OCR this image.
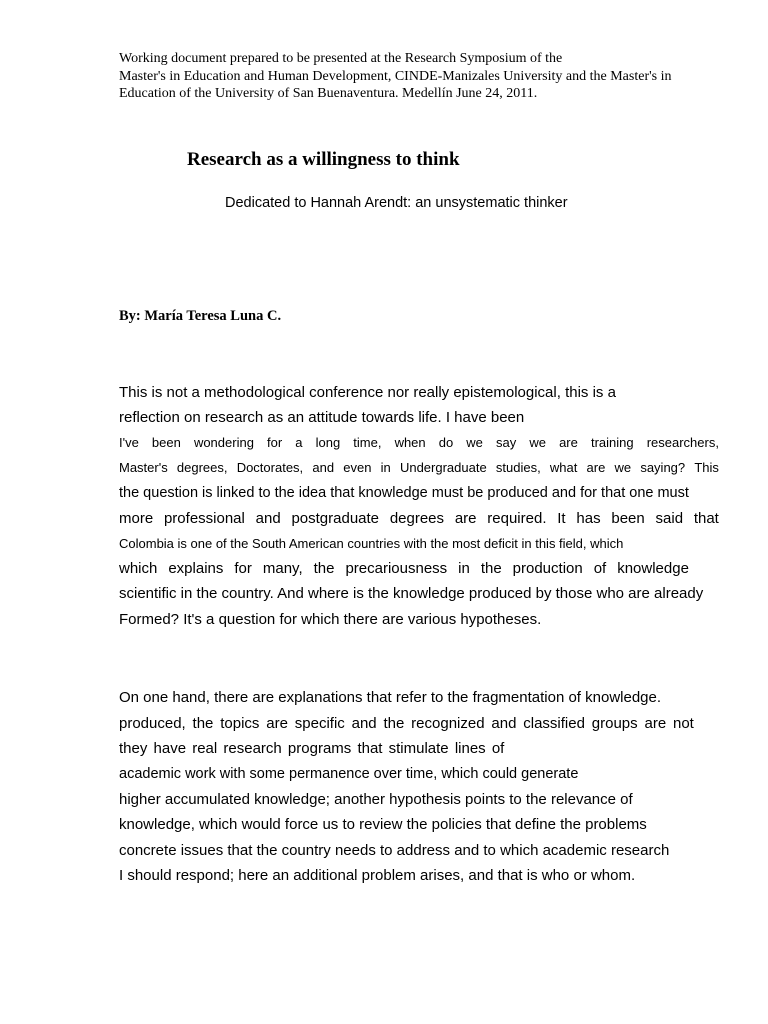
Working document prepared to be presented at the Research Symposium of the
Master's in Education and Human Development, CINDE-Manizales University and the Master's in
Education of the University of San Buenaventura. Medellín June 24, 2011.
Research as a willingness to think
Dedicated to Hannah Arendt: an unsystematic thinker
By: María Teresa Luna C.
This is not a methodological conference nor really epistemological, this is a
reflection on research as an attitude towards life. I have been
I've been wondering for a long time, when do we say we are training researchers,
Master's degrees, Doctorates, and even in Undergraduate studies, what are we saying? This
the question is linked to the idea that knowledge must be produced and for that one must
more professional and postgraduate degrees are required. It has been said that
Colombia is one of the South American countries with the most deficit in this field, which
which explains for many, the precariousness in the production of knowledge
scientific in the country. And where is the knowledge produced by those who are already
Formed? It's a question for which there are various hypotheses.
On one hand, there are explanations that refer to the fragmentation of knowledge.
produced, the topics are specific and the recognized and classified groups are not
they have real research programs that stimulate lines of
academic work with some permanence over time, which could generate
higher accumulated knowledge; another hypothesis points to the relevance of
knowledge, which would force us to review the policies that define the problems
concrete issues that the country needs to address and to which academic research
I should respond; here an additional problem arises, and that is who or whom.
